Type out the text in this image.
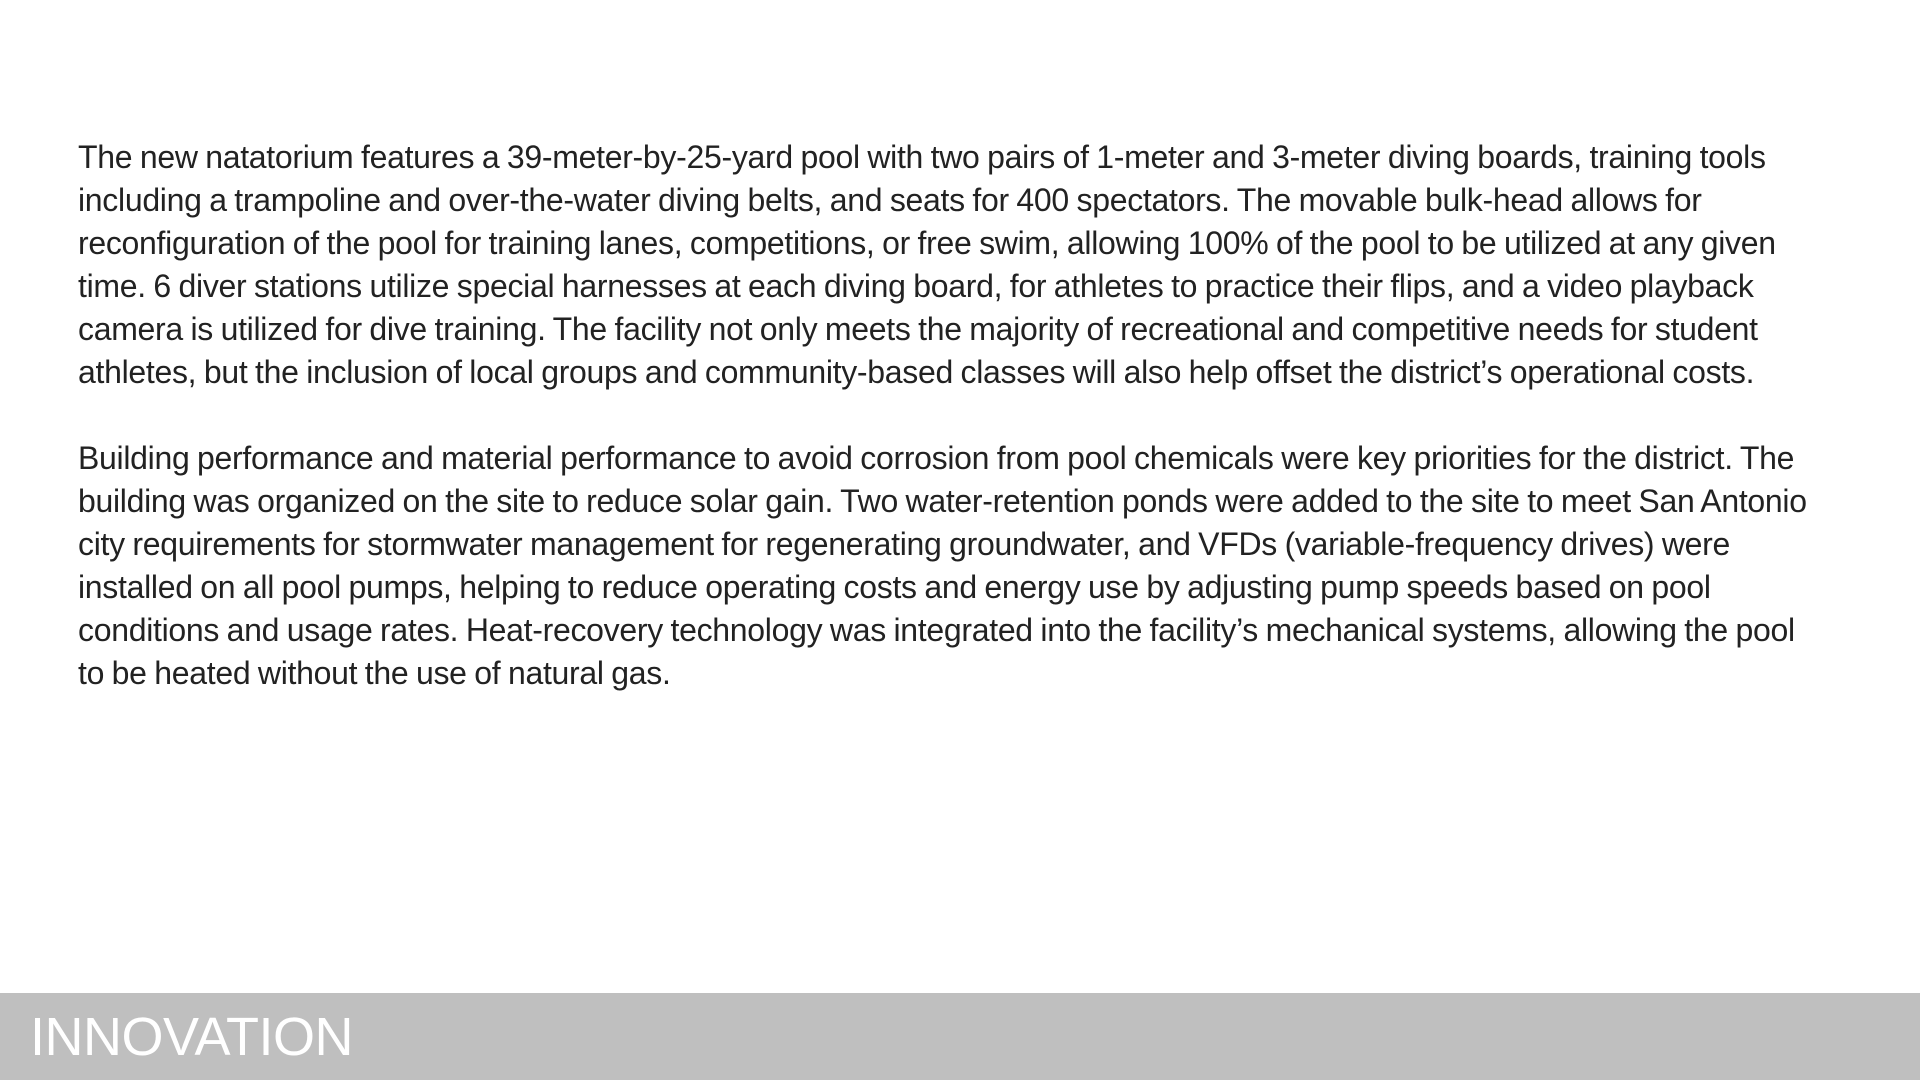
The new natatorium features a 39-meter-by-25-yard pool with two pairs of 1-meter and 3-meter diving boards, training tools including a trampoline and over-the-water diving belts, and seats for 400 spectators. The movable bulk-head allows for reconfiguration of the pool for training lanes, competitions, or free swim, allowing 100% of the pool to be utilized at any given time. 6 diver stations utilize special harnesses at each diving board, for athletes to practice their flips, and a video playback camera is utilized for dive training. The facility not only meets the majority of recreational and competitive needs for student athletes, but the inclusion of local groups and community-based classes will also help offset the district’s operational costs.

Building performance and material performance to avoid corrosion from pool chemicals were key priorities for the district. The building was organized on the site to reduce solar gain. Two water-retention ponds were added to the site to meet San Antonio city requirements for stormwater management for regenerating groundwater, and VFDs (variable-frequency drives) were installed on all pool pumps, helping to reduce operating costs and energy use by adjusting pump speeds based on pool conditions and usage rates. Heat-recovery technology was integrated into the facility’s mechanical systems, allowing the pool to be heated without the use of natural gas.

INNOVATION
